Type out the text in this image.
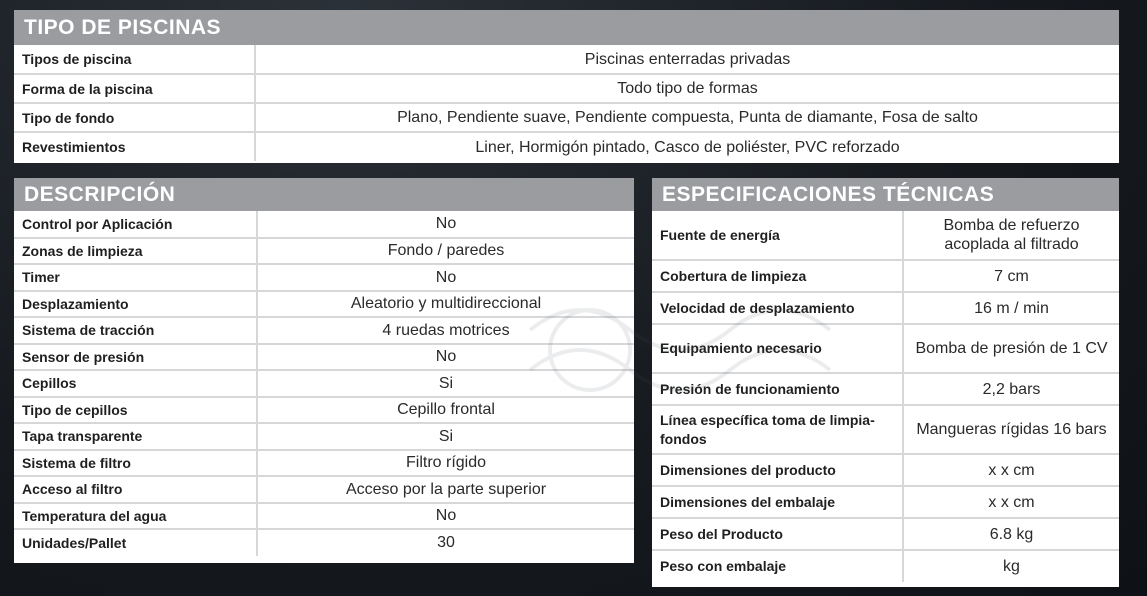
TIPO DE PISCINAS
Tipos de piscina	Piscinas enterradas privadas
Forma de la piscina	Todo tipo de formas
Tipo de fondo	Plano, Pendiente suave, Pendiente compuesta, Punta de diamante, Fosa de salto
Revestimientos	Liner, Hormigón pintado, Casco de poliéster, PVC reforzado
DESCRIPCIÓN
Control por Aplicación	No
Zonas de limpieza	Fondo / paredes
Timer	No
Desplazamiento	Aleatorio y multidireccional
Sistema de tracción	4 ruedas motrices
Sensor de presión	No
Cepillos	Si
Tipo de cepillos	Cepillo frontal
Tapa transparente	Si
Sistema de filtro	Filtro rígido
Acceso al filtro	Acceso por la parte superior
Temperatura del agua	No
Unidades/Pallet	30
ESPECIFICACIONES TÉCNICAS
Fuente de energía	Bomba de refuerzo acoplada al filtrado
Cobertura de limpieza	7 cm
Velocidad de desplazamiento	16 m / min
Equipamiento necesario	Bomba de presión de 1 CV
Presión de funcionamiento	2,2 bars
Línea específica toma de limpia-fondos	Mangueras rígidas 16 bars
Dimensiones del producto	x x cm
Dimensiones del embalaje	x x cm
Peso del Producto	6.8 kg
Peso con embalaje	kg
